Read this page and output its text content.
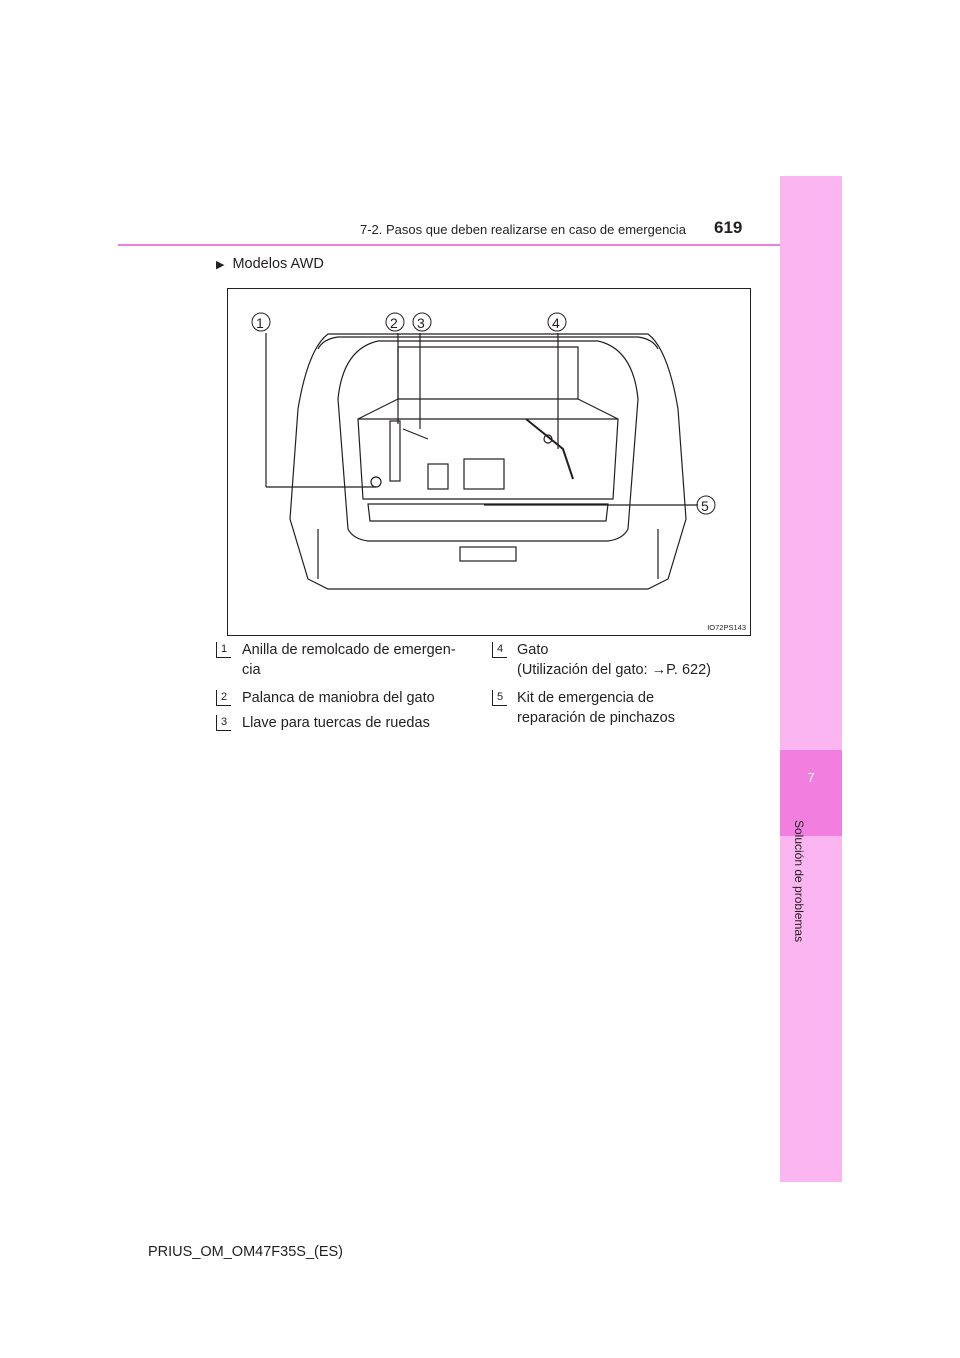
7-2. Pasos que deben realizarse en caso de emergencia 619
7
Solución de problemas
▶ Modelos AWD
1	2 3	4
5
IO72PS143
1 Anilla de remolcado de emergen-
cia
2 Palanca de maniobra del gato
3 Llave para tuercas de ruedas
4 Gato
(Utilización del gato: →P. 622)
5 Kit de emergencia de
reparación de pinchazos
PRIUS_OM_OM47F35S_(ES)
